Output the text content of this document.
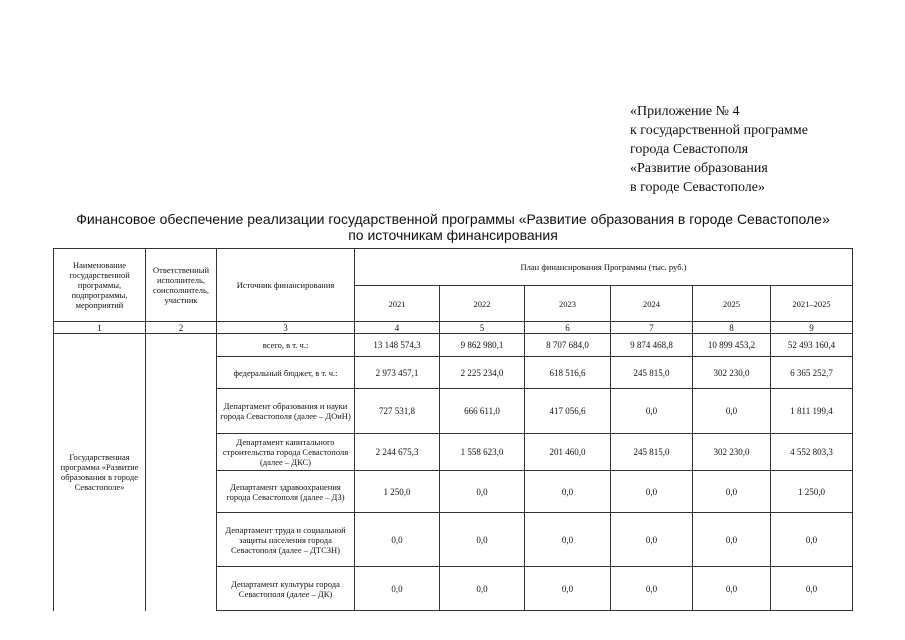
«Приложение № 4
к государственной программе
города Севастополя
«Развитие образования
в городе Севастополе»
Финансовое обеспечение реализации государственной программы «Развитие образования в городе Севастополе»
по источникам финансирования
Наименование государственной программы, подпрограммы, мероприятий	Ответственный исполнитель, соисполнитель, участник	Источник финансирования	План финансирования Программы (тыс. руб.)					
			2021	2022	2023	2024	2025	2021–2025
1	2	3	4	5	6	7	8	9
Государственная программа «Развитие образования в городе Севастополе»		всего, в т. ч.:	13 148 574,3	9 862 980,1	8 707 684,0	9 874 468,8	10 899 453,2	52 493 160,4
		федеральный бюджет, в т. ч.:	2 973 457,1	2 225 234,0	618 516,6	245 815,0	302 230,0	6 365 252,7
		Департамент образования и науки города Севастополя (далее – ДОиН)	727 531,8	666 611,0	417 056,6	0,0	0,0	1 811 199,4
		Департамент капитального строительства города Севастополя (далее – ДКС)	2 244 675,3	1 558 623,0	201 460,0	245 815,0	302 230,0	4 552 803,3
		Департамент здравоохранения города Севастополя (далее – ДЗ)	1 250,0	0,0	0,0	0,0	0,0	1 250,0
		Департамент труда и социальной защиты населения города Севастополя (далее – ДТСЗН)	0,0	0,0	0,0	0,0	0,0	0,0
		Департамент культуры города Севастополя (далее – ДК)	0,0	0,0	0,0	0,0	0,0	0,0
